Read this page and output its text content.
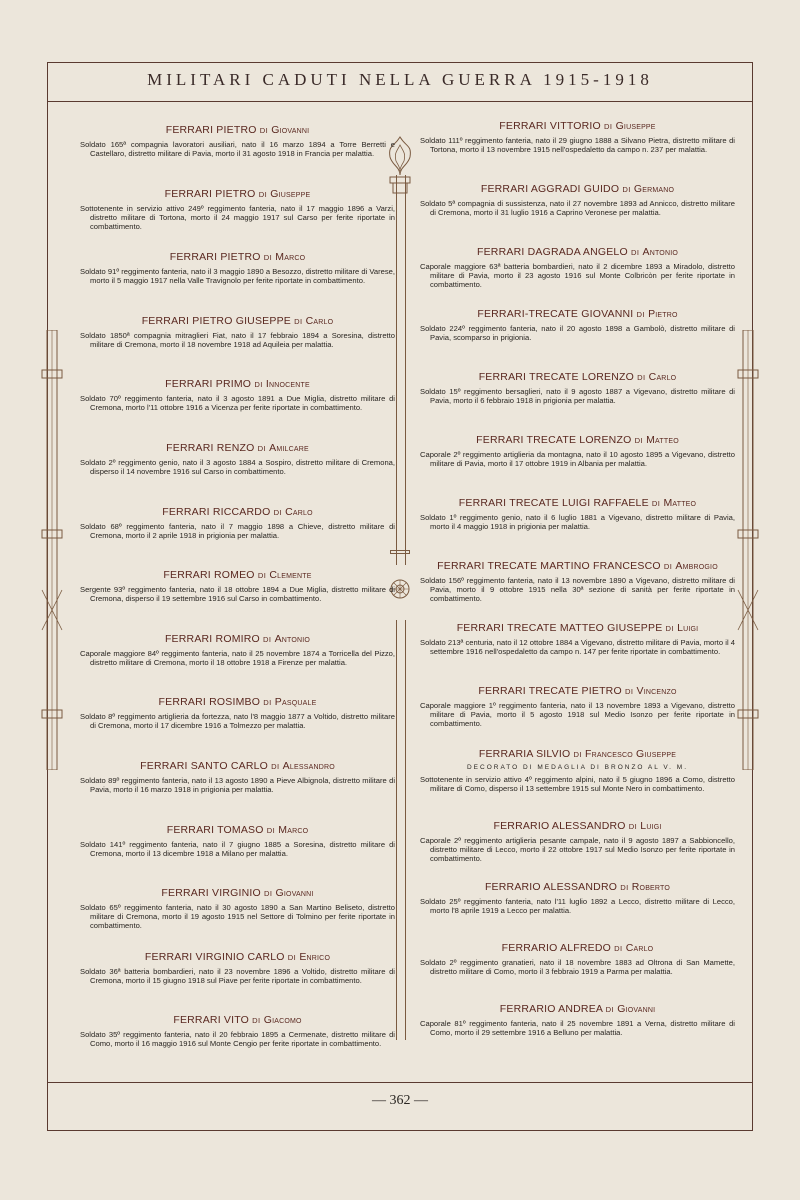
MILITARI CADUTI NELLA GUERRA 1915-1918

FERRARI PIETRO DI Giovanni

Soldato 165ª compagnia lavoratori ausiliari, nato il 16 marzo 1894 a Torre Berretti e Castellaro, distretto militare di Pavia, morto il 31 agosto 1918 in Francia per malattia.

FERRARI PIETRO DI Giuseppe

Sottotenente in servizio attivo 249º reggimento fanteria, nato il 17 maggio 1896 a Varzi, distretto militare di Tortona, morto il 24 maggio 1917 sul Carso per ferite riportate in combattimento.

FERRARI PIETRO DI Marco

Soldato 91º reggimento fanteria, nato il 3 maggio 1890 a Besozzo, distretto militare di Varese, morto il 5 maggio 1917 nella Valle Travignolo per ferite riportate in combattimento.

FERRARI PIETRO GIUSEPPE DI Carlo

Soldato 1850ª compagnia mitraglieri Fiat, nato il 17 febbraio 1894 a Soresina, distretto militare di Cremona, morto il 18 novembre 1918 ad Aquileia per malattia.

FERRARI PRIMO DI Innocente

Soldato 70º reggimento fanteria, nato il 3 agosto 1891 a Due Miglia, distretto militare di Cremona, morto l'11 ottobre 1916 a Vicenza per ferite riportate in combattimento.

FERRARI RENZO DI Amilcare

Soldato 2º reggimento genio, nato il 3 agosto 1884 a Sospiro, distretto militare di Cremona, disperso il 14 novembre 1916 sul Carso in combattimento.

FERRARI RICCARDO DI Carlo

Soldato 68º reggimento fanteria, nato il 7 maggio 1898 a Chieve, distretto militare di Cremona, morto il 2 aprile 1918 in prigionia per malattia.

FERRARI ROMEO DI Clemente

Sergente 93º reggimento fanteria, nato il 18 ottobre 1894 a Due Miglia, distretto militare di Cremona, disperso il 19 settembre 1916 sul Carso in combattimento.

FERRARI ROMIRO DI Antonio

Caporale maggiore 84º reggimento fanteria, nato il 25 novembre 1874 a Torricella del Pizzo, distretto militare di Cremona, morto il 18 ottobre 1918 a Firenze per malattia.

FERRARI ROSIMBO DI Pasquale

Soldato 8º reggimento artiglieria da fortezza, nato l'8 maggio 1877 a Voltido, distretto militare di Cremona, morto il 17 dicembre 1916 a Tolmezzo per malattia.

FERRARI SANTO CARLO DI Alessandro

Soldato 89º reggimento fanteria, nato il 13 agosto 1890 a Pieve Albignola, distretto militare di Pavia, morto il 16 marzo 1918 in prigionia per malattia.

FERRARI TOMASO DI Marco

Soldato 141º reggimento fanteria, nato il 7 giugno 1885 a Soresina, distretto militare di Cremona, morto il 13 dicembre 1918 a Milano per malattia.

FERRARI VIRGINIO DI Giovanni

Soldato 65º reggimento fanteria, nato il 30 agosto 1890 a San Martino Beliseto, distretto militare di Cremona, morto il 19 agosto 1915 nel Settore di Tolmino per ferite riportate in combattimento.

FERRARI VIRGINIO CARLO DI Enrico

Soldato 36ª batteria bombardieri, nato il 23 novembre 1896 a Voltido, distretto militare di Cremona, morto il 15 giugno 1918 sul Piave per ferite riportate in combattimento.

FERRARI VITO DI Giacomo

Soldato 35º reggimento fanteria, nato il 20 febbraio 1895 a Cermenate, distretto militare di Como, morto il 16 maggio 1916 sul Monte Cengio per ferite riportate in combattimento.

FERRARI VITTORIO DI Giuseppe

Soldato 111º reggimento fanteria, nato il 29 giugno 1888 a Silvano Pietra, distretto militare di Tortona, morto il 13 novembre 1915 nell'ospedaletto da campo n. 237 per malattia.

FERRARI AGGRADI GUIDO DI Germano

Soldato 5ª compagnia di sussistenza, nato il 27 novembre 1893 ad Annicco, distretto militare di Cremona, morto il 31 luglio 1916 a Caprino Veronese per malattia.

FERRARI DAGRADA ANGELO DI Antonio

Caporale maggiore 63ª batteria bombardieri, nato il 2 dicembre 1893 a Miradolo, distretto militare di Pavia, morto il 23 agosto 1916 sul Monte Colbricòn per ferite riportate in combattimento.

FERRARI-TRECATE GIOVANNI DI Pietro

Soldato 224º reggimento fanteria, nato il 20 agosto 1898 a Gambolò, distretto militare di Pavia, scomparso in prigionia.

FERRARI TRECATE LORENZO DI Carlo

Soldato 15º reggimento bersaglieri, nato il 9 agosto 1887 a Vigevano, distretto militare di Pavia, morto il 6 febbraio 1918 in prigionia per malattia.

FERRARI TRECATE LORENZO DI Matteo

Caporale 2º reggimento artiglieria da montagna, nato il 10 agosto 1895 a Vigevano, distretto militare di Pavia, morto il 17 ottobre 1919 in Albania per malattia.

FERRARI TRECATE LUIGI RAFFAELE DI Matteo

Soldato 1º reggimento genio, nato il 6 luglio 1881 a Vigevano, distretto militare di Pavia, morto il 4 maggio 1918 in prigionia per malattia.

FERRARI TRECATE MARTINO FRANCESCO DI Ambrogio

Soldato 156º reggimento fanteria, nato il 13 novembre 1890 a Vigevano, distretto militare di Pavia, morto il 9 ottobre 1915 nella 30ª sezione di sanità per ferite riportate in combattimento.

FERRARI TRECATE MATTEO GIUSEPPE DI Luigi

Soldato 213ª centuria, nato il 12 ottobre 1884 a Vigevano, distretto militare di Pavia, morto il 4 settembre 1916 nell'ospedaletto da campo n. 147 per ferite riportate in combattimento.

FERRARI TRECATE PIETRO DI Vincenzo

Caporale maggiore 1º reggimento fanteria, nato il 13 novembre 1893 a Vigevano, distretto militare di Pavia, morto il 5 agosto 1918 sul Medio Isonzo per ferite riportate in combattimento.

FERRARIA SILVIO DI Francesco Giuseppe

DECORATO DI MEDAGLIA DI BRONZO AL V. M.

Sottotenente in servizio attivo 4º reggimento alpini, nato il 5 giugno 1896 a Como, distretto militare di Como, disperso il 13 settembre 1915 sul Monte Nero in combattimento.

FERRARIO ALESSANDRO DI Luigi

Caporale 2º reggimento artiglieria pesante campale, nato il 9 agosto 1897 a Sabbioncello, distretto militare di Lecco, morto il 22 ottobre 1917 sul Medio Isonzo per ferite riportate in combattimento.

FERRARIO ALESSANDRO DI Roberto

Soldato 25º reggimento fanteria, nato l'11 luglio 1892 a Lecco, distretto militare di Lecco, morto l'8 aprile 1919 a Lecco per malattia.

FERRARIO ALFREDO DI Carlo

Soldato 2º reggimento granatieri, nato il 18 novembre 1883 ad Oltrona di San Mamette, distretto militare di Como, morto il 3 febbraio 1919 a Parma per malattia.

FERRARIO ANDREA DI Giovanni

Caporale 81º reggimento fanteria, nato il 25 novembre 1891 a Verna, distretto militare di Como, morto il 29 settembre 1916 a Belluno per malattia.

— 362 —
